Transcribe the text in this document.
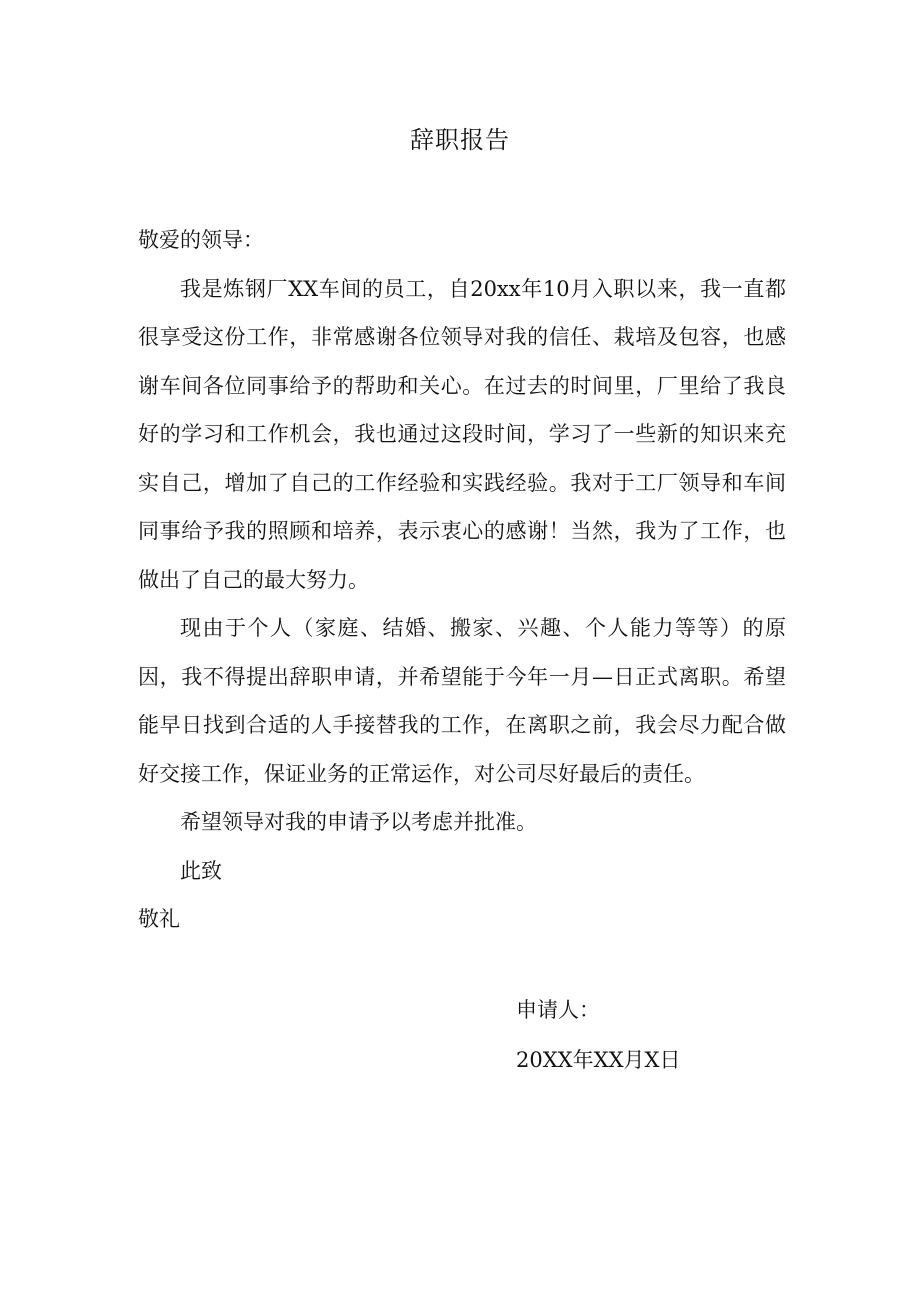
辞职报告

敬爱的领导：

我是炼钢厂XX车间的员工，自20xx年10月入职以来，我一直都很享受这份工作，非常感谢各位领导对我的信任、栽培及包容，也感谢车间各位同事给予的帮助和关心。在过去的时间里，厂里给了我良好的学习和工作机会，我也通过这段时间，学习了一些新的知识来充实自己，增加了自己的工作经验和实践经验。我对于工厂领导和车间同事给予我的照顾和培养，表示衷心的感谢！当然，我为了工作，也做出了自己的最大努力。

现由于个人（家庭、结婚、搬家、兴趣、个人能力等等）的原因，我不得提出辞职申请，并希望能于今年一月—日正式离职。希望能早日找到合适的人手接替我的工作，在离职之前，我会尽力配合做好交接工作，保证业务的正常运作，对公司尽好最后的责任。

希望领导对我的申请予以考虑并批准。

此致

敬礼

申请人：
20XX年XX月X日
